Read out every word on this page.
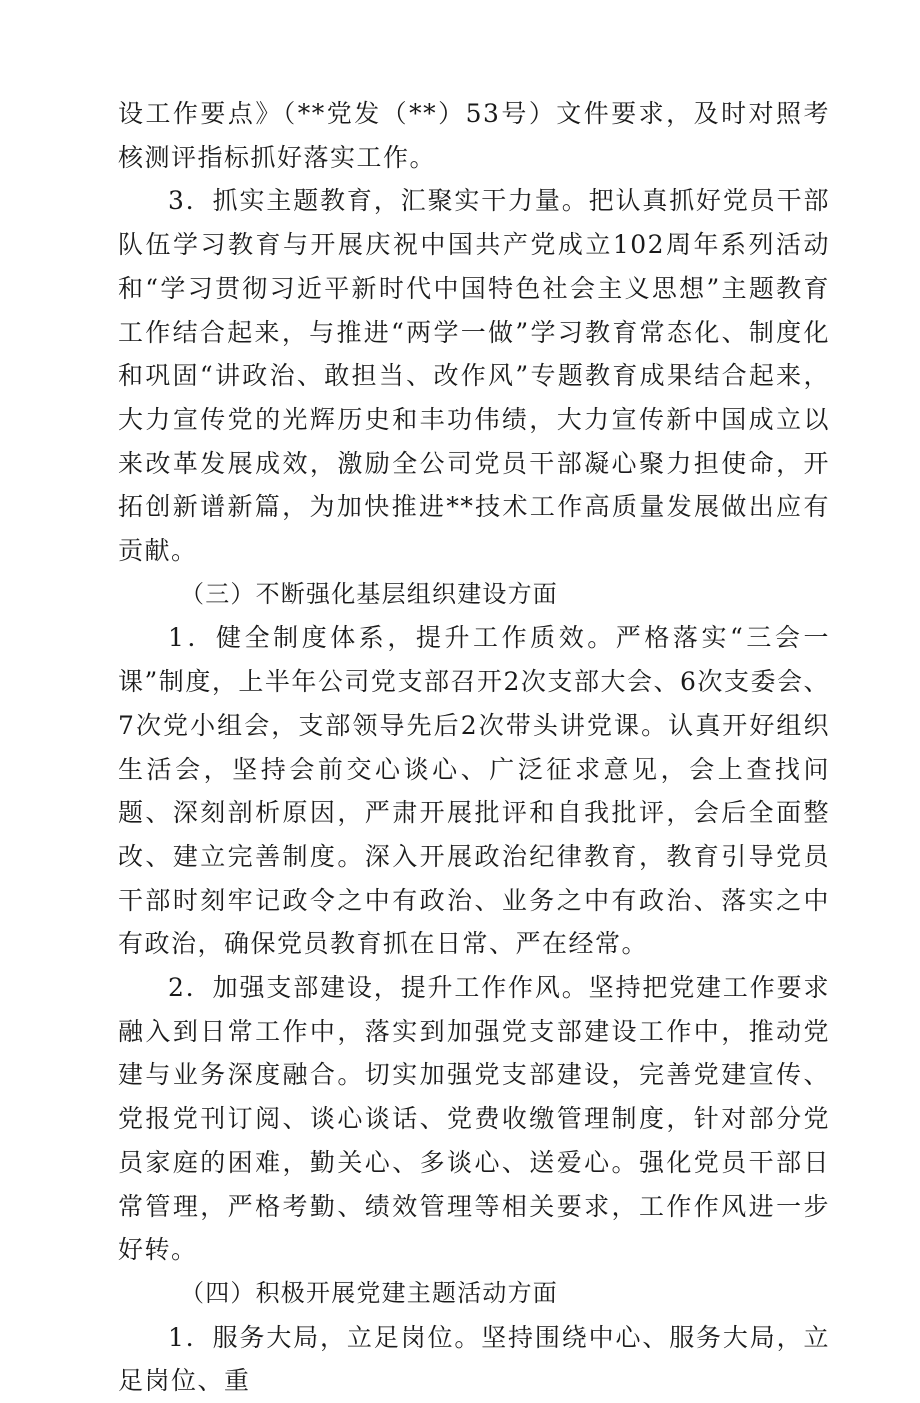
设工作要点》（**党发（**）53号）文件要求，及时对照考核测评指标抓好落实工作。

3．抓实主题教育，汇聚实干力量。把认真抓好党员干部队伍学习教育与开展庆祝中国共产党成立102周年系列活动和“学习贯彻习近平新时代中国特色社会主义思想”主题教育工作结合起来，与推进“两学一做”学习教育常态化、制度化和巩固“讲政治、敢担当、改作风”专题教育成果结合起来，大力宣传党的光辉历史和丰功伟绩，大力宣传新中国成立以来改革发展成效，激励全公司党员干部凝心聚力担使命，开拓创新谱新篇，为加快推进**技术工作高质量发展做出应有贡献。

（三）不断强化基层组织建设方面

1．健全制度体系，提升工作质效。严格落实“三会一课”制度，上半年公司党支部召开2次支部大会、6次支委会、7次党小组会，支部领导先后2次带头讲党课。认真开好组织生活会，坚持会前交心谈心、广泛征求意见，会上查找问题、深刻剖析原因，严肃开展批评和自我批评，会后全面整改、建立完善制度。深入开展政治纪律教育，教育引导党员干部时刻牢记政令之中有政治、业务之中有政治、落实之中有政治，确保党员教育抓在日常、严在经常。

2．加强支部建设，提升工作作风。坚持把党建工作要求融入到日常工作中，落实到加强党支部建设工作中，推动党建与业务深度融合。切实加强党支部建设，完善党建宣传、党报党刊订阅、谈心谈话、党费收缴管理制度，针对部分党员家庭的困难，勤关心、多谈心、送爱心。强化党员干部日常管理，严格考勤、绩效管理等相关要求，工作作风进一步好转。

（四）积极开展党建主题活动方面

1．服务大局，立足岗位。坚持围绕中心、服务大局，立足岗位、重
